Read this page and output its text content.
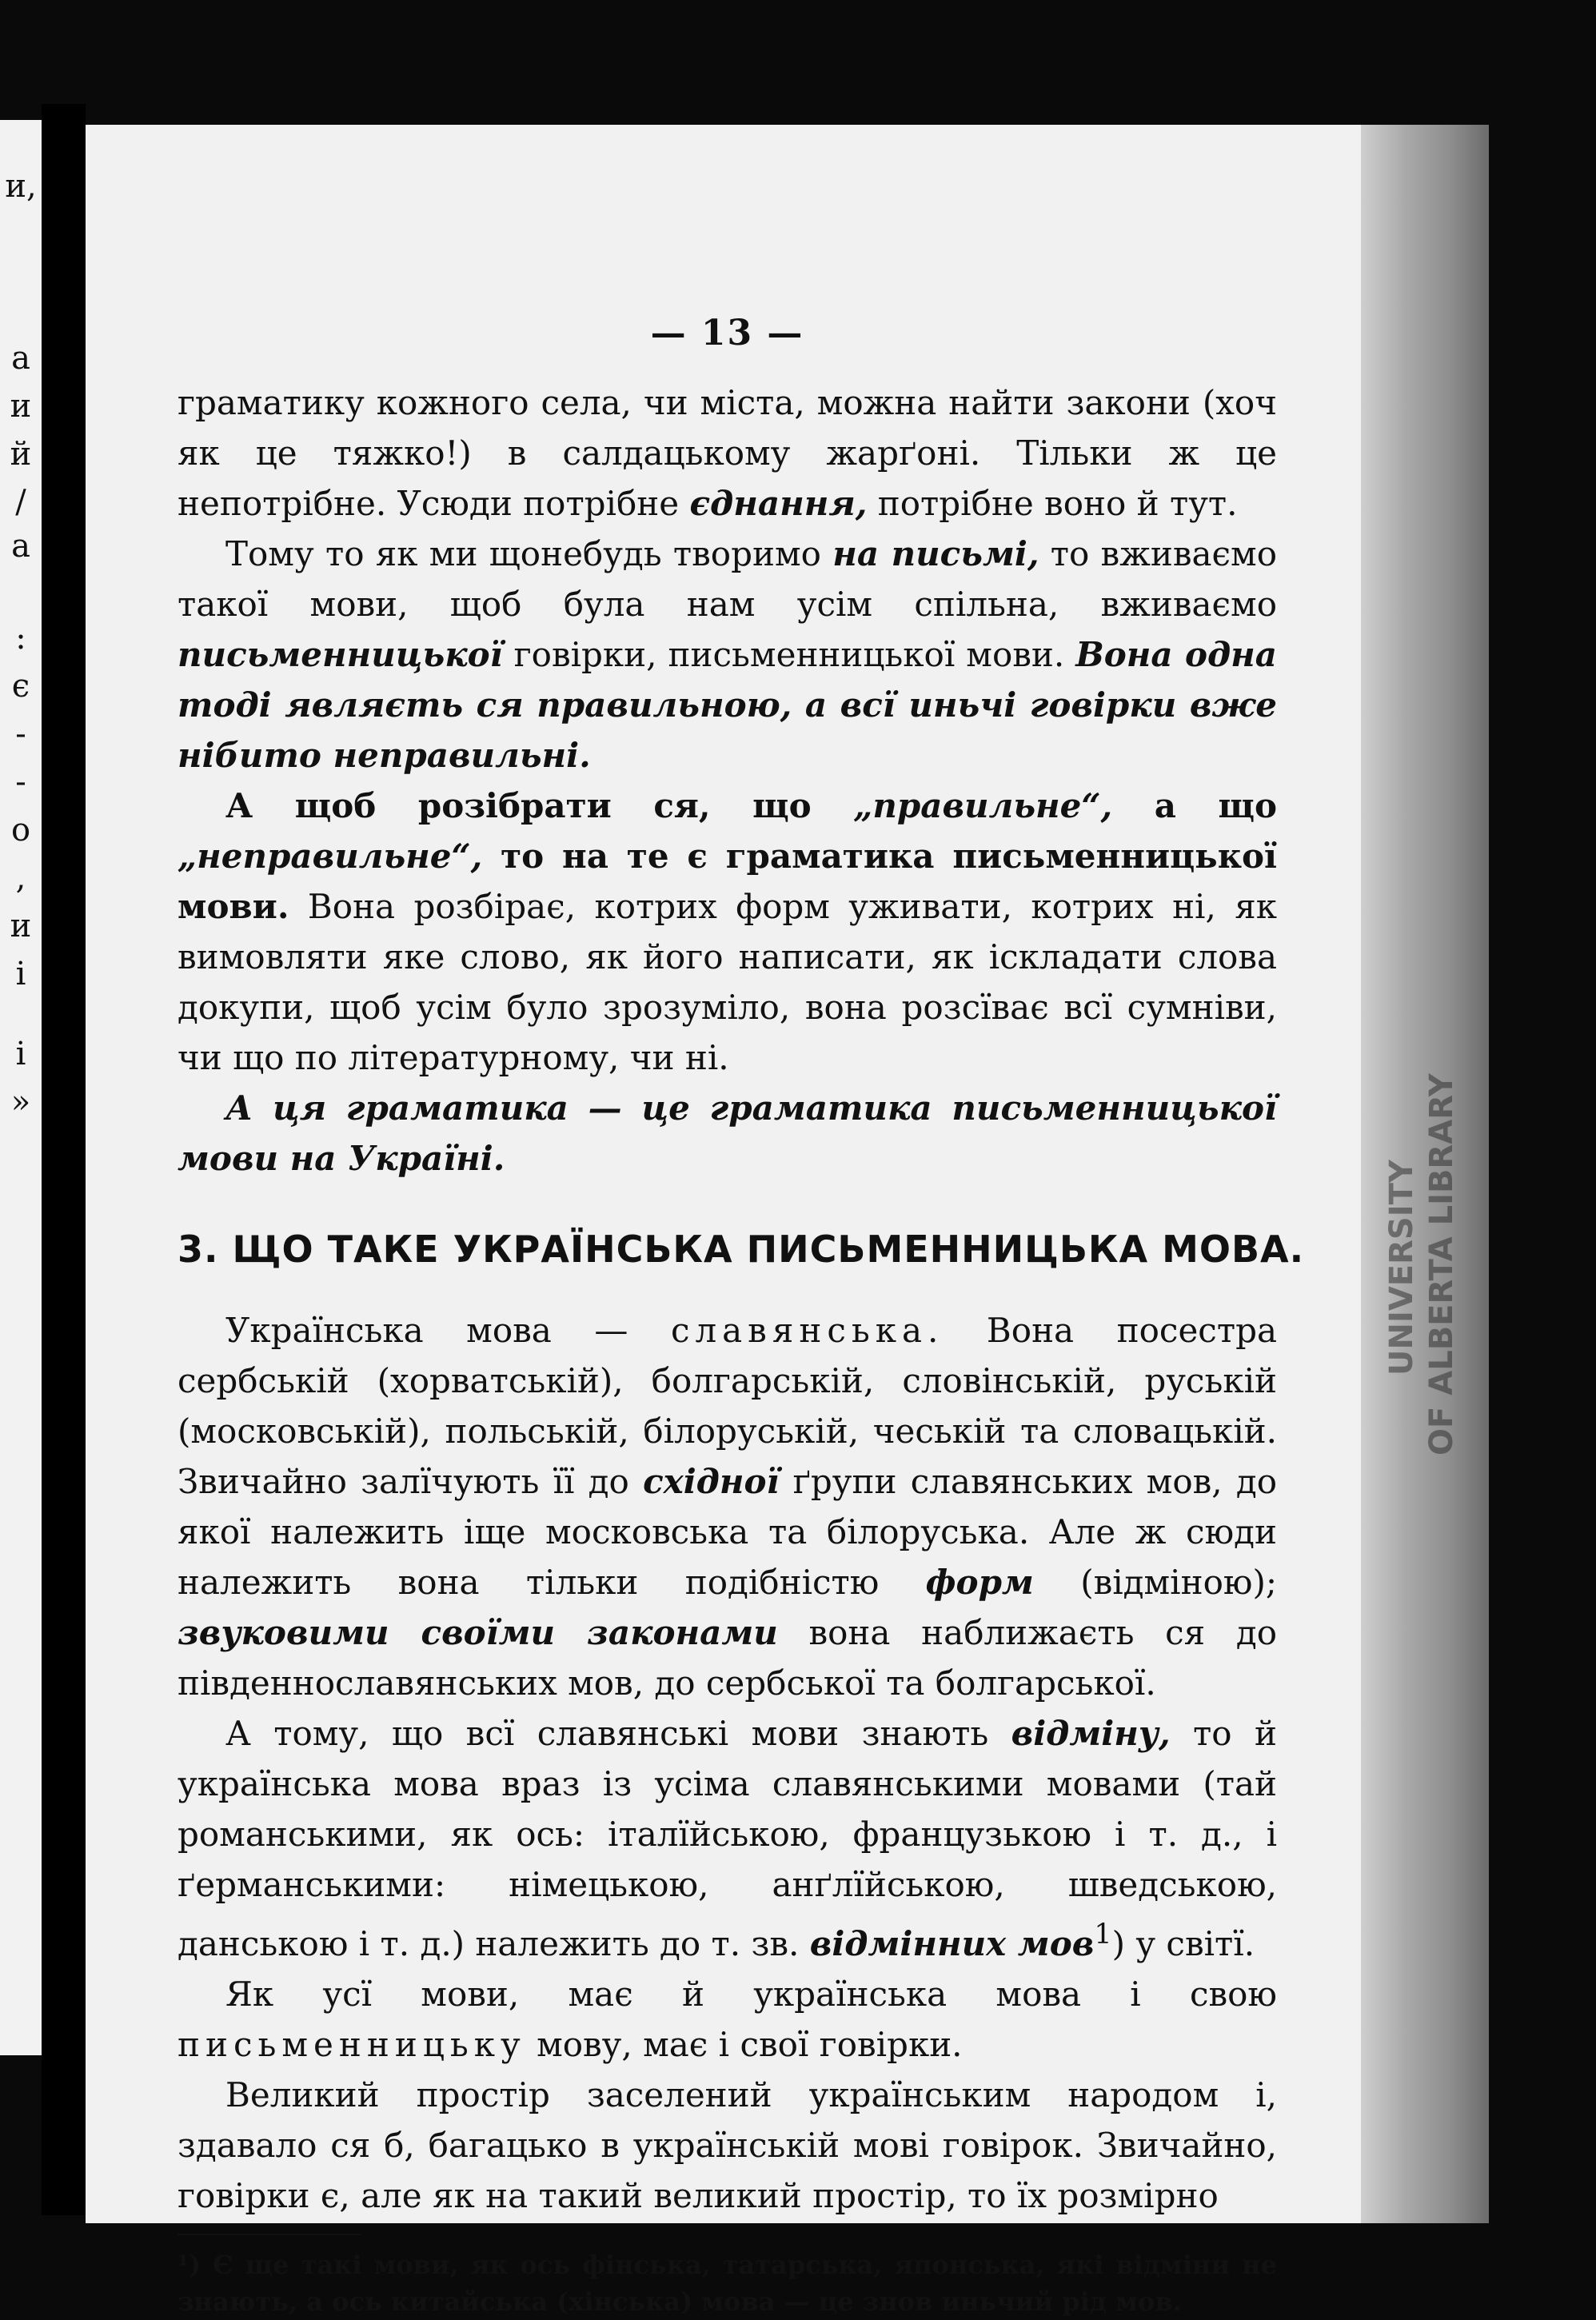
и,
а
и
й
/
а
:
є
-
-
о
,
и
і
і
»
— 13 —

граматику кожного села, чи міста, можна найти закони (хоч як це тяжко!) в салдацькому жарґоні. Тільки ж це непотрібне. Усюди потрібне єднання, потрібне воно й тут.

Тому то як ми щонебудь творимо на письмі, то вживаємо такої мови, щоб була нам усім спільна, вживаємо письменницької говірки, письменницької мови. Вона одна тоді являєть ся правильною, а всї иньчі говірки вже нібито неправильні.

А щоб розібрати ся, що „правильне“, а що „неправильне“, то на те є граматика письменницької мови. Вона розбірає, котрих форм уживати, котрих ні, як вимовляти яке слово, як його написати, як іскладати слова докупи, щоб усім було зрозуміло, вона розсїває всї сумніви, чи що по літературному, чи ні.

А ця граматика — це граматика письменницької мови на Україні.

3. ЩО ТАКЕ УКРАЇНСЬКА ПИСЬМЕННИЦЬКА МОВА.

Українська мова — славянська. Вона посестра сербській (хорватській), болгарській, словінській, руській (московській), польській, білоруській, чеській та словацькій. Звичайно залїчують її до східної ґрупи славянських мов, до якої належить іще московська та білоруська. Але ж сюди належить вона тільки подібністю форм (відміною); звуковими своїми законами вона наближаєть ся до південнославянських мов, до сербської та болгарської.

А тому, що всї славянські мови знають відміну, то й українська мова враз із усіма славянськими мовами (тай романськими, як ось: італїйською, французькою і т. д., і ґерманськими: німецькою, анґлїйською, шведською, данською і т. д.) належить до т. зв. відмінних мов$^1$) у світї.

Як усї мови, має й українська мова і свою письменницьку мову, має і свої говірки.

Великий простір заселений українським народом і, здавало ся б, багацько в українській мові говірок. Звичайно, говірки є, але як на такий великий простір, то їх розмірно

¹) Є ще такі мови, як ось фінська, татарська, японська, які відміни не знають, а ось китайська (хінська) мова — це знов иньчий рід мов.

UNIVERSITY OF ALBERTA LIBRARY
